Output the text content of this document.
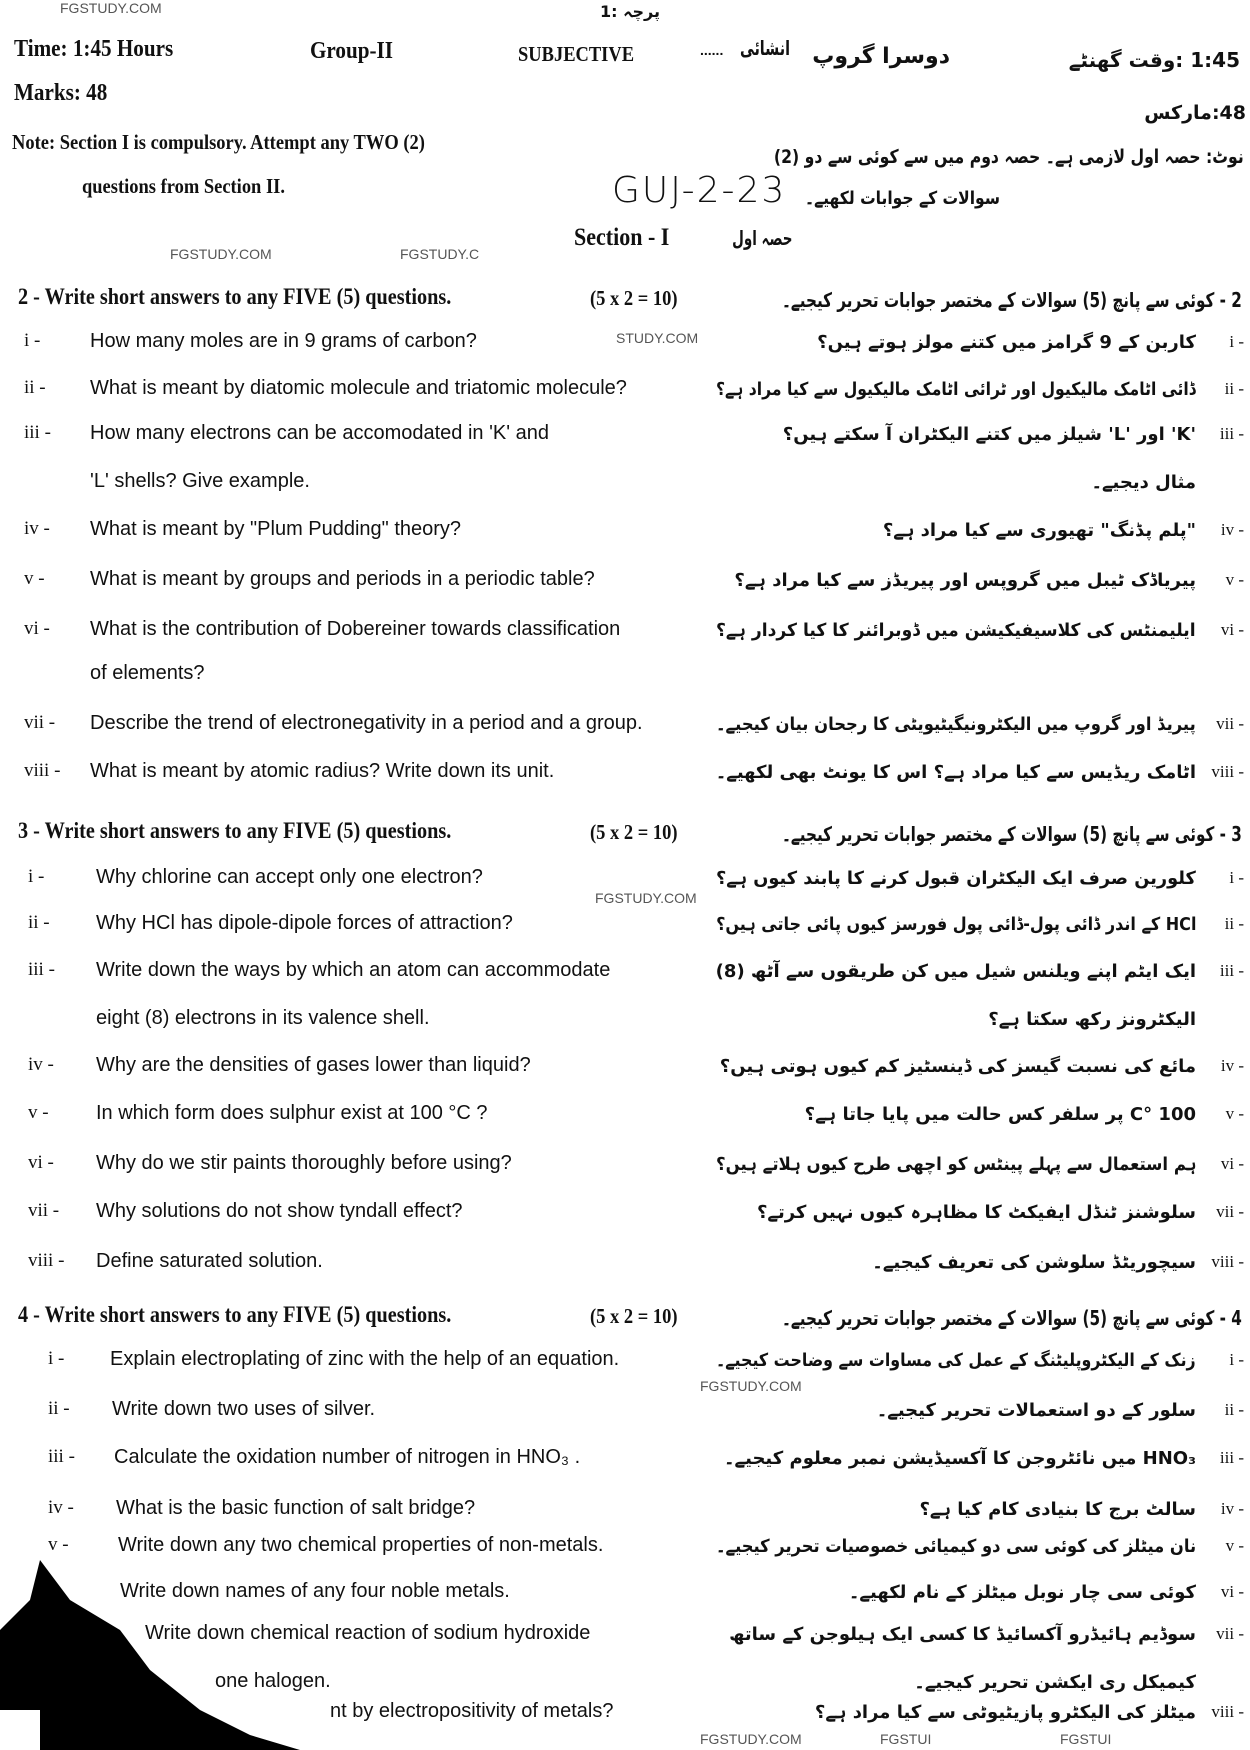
Time: 1:45 Hours	Group-II	SUBJECTIVE	...... انشائی دوسرا گروپ	1:45 :وقت گھنٹے
پرچہ :1
Marks: 48
48:مارکس
Note: Section I is compulsory. Attempt any TWO (2)
questions from Section II.	GUJ-2-23
نوٹ: حصہ اول لازمی ہے۔ حصہ دوم میں سے کوئی سے دو (2)
سوالات کے جوابات لکھیے۔
Section - I	حصہ اول
FGSTUDY.COM
FGSTUDY.C
FGSTUDY.COM
STUDY.COM
FGSTUDY.COM
FGSTUDY.COM
FGSTUDY.COM	FGSTUI	FGSTUI
2 - Write short answers to any FIVE (5) questions.	(5 x 2 = 10)	2 - کوئی سے پانچ (5) سوالات کے مختصر جوابات تحریر کیجیے۔
i - How many moles are in 9 grams of carbon?	کاربن کے 9 گرامز میں کتنے مولز ہوتے ہیں؟ i -
ii - What is meant by diatomic molecule and triatomic molecule?	ڈائی اٹامک مالیکیول اور ٹرائی اٹامک مالیکیول سے کیا مراد ہے؟ ii -
iii - How many electrons can be accomodated in 'K' and	'K' اور 'L' شیلز میں کتنے الیکٹران آ سکتے ہیں؟ iii -
'L' shells? Give example.	مثال دیجیے۔
iv - What is meant by "Plum Pudding" theory?	"پلم پڈنگ" تھیوری سے کیا مراد ہے؟ iv -
v - What is meant by groups and periods in a periodic table?	پیریاڈک ٹیبل میں گروپس اور پیریڈز سے کیا مراد ہے؟ v -
vi - What is the contribution of Dobereiner towards classification	ایلیمنٹس کی کلاسیفیکیشن میں ڈوبرائنر کا کیا کردار ہے؟ vi -
of elements?
vii - Describe the trend of electronegativity in a period and a group.	پیریڈ اور گروپ میں الیکٹرونیگیٹیویٹی کا رجحان بیان کیجیے۔ vii -
viii - What is meant by atomic radius? Write down its unit.	اٹامک ریڈیس سے کیا مراد ہے؟ اس کا یونٹ بھی لکھیے۔ viii -
3 - Write short answers to any FIVE (5) questions.	(5 x 2 = 10)	3 - کوئی سے پانچ (5) سوالات کے مختصر جوابات تحریر کیجیے۔
i -	Why chlorine can accept only one electron?	کلورین صرف ایک الیکٹران قبول کرنے کا پابند کیوں ہے؟ i -
ii - Why HCl has dipole-dipole forces of attraction?	HCl کے اندر ڈائی پول-ڈائی پول فورسز کیوں پائی جاتی ہیں؟ ii -
iii - Write down the ways by which an atom can accommodate	ایک ایٹم اپنے ویلنس شیل میں کن طریقوں سے آٹھ (8) iii -
eight (8) electrons in its valence shell.	الیکٹرونز رکھ سکتا ہے؟
iv - Why are the densities of gases lower than liquid?	مائع کی نسبت گیسز کی ڈینسٹیز کم کیوں ہوتی ہیں؟ iv -
v - In which form does sulphur exist at 100 °C ?	100 °C پر سلفر کس حالت میں پایا جاتا ہے؟ v -
vi - Why do we stir paints thoroughly before using?	ہم استعمال سے پہلے پینٹس کو اچھی طرح کیوں ہلاتے ہیں؟ vi -
vii - Why solutions do not show tyndall effect?	سلوشنز ٹنڈل ایفیکٹ کا مظاہرہ کیوں نہیں کرتے؟ vii -
viii - Define saturated solution.	سیچوریٹڈ سلوشن کی تعریف کیجیے۔ viii -
4 - Write short answers to any FIVE (5) questions.	(5 x 2 = 10)	4 - کوئی سے پانچ (5) سوالات کے مختصر جوابات تحریر کیجیے۔
i - Explain electroplating of zinc with the help of an equation.	زنک کے الیکٹروپلیٹنگ کے عمل کی مساوات سے وضاحت کیجیے۔ i -
ii - Write down two uses of silver.	سلور کے دو استعمالات تحریر کیجیے۔ ii -
iii - Calculate the oxidation number of nitrogen in HNO₃ .	HNO₃ میں نائٹروجن کا آکسیڈیشن نمبر معلوم کیجیے۔ iii -
iv - What is the basic function of salt bridge?	سالٹ برج کا بنیادی کام کیا ہے؟ iv -
v - Write down any two chemical properties of non-metals.	نان میٹلز کی کوئی سی دو کیمیائی خصوصیات تحریر کیجیے۔ v -
Write down names of any four noble metals.	کوئی سی چار نوبل میٹلز کے نام لکھیے۔ vi -
Write down chemical reaction of sodium hydroxide	سوڈیم ہائیڈرو آکسائیڈ کا کسی ایک ہیلوجن کے ساتھ vii -
one halogen.	کیمیکل ری ایکشن تحریر کیجیے۔
nt by electropositivity of metals?	میٹلز کی الیکٹرو پازیٹیوٹی سے کیا مراد ہے؟ viii -
